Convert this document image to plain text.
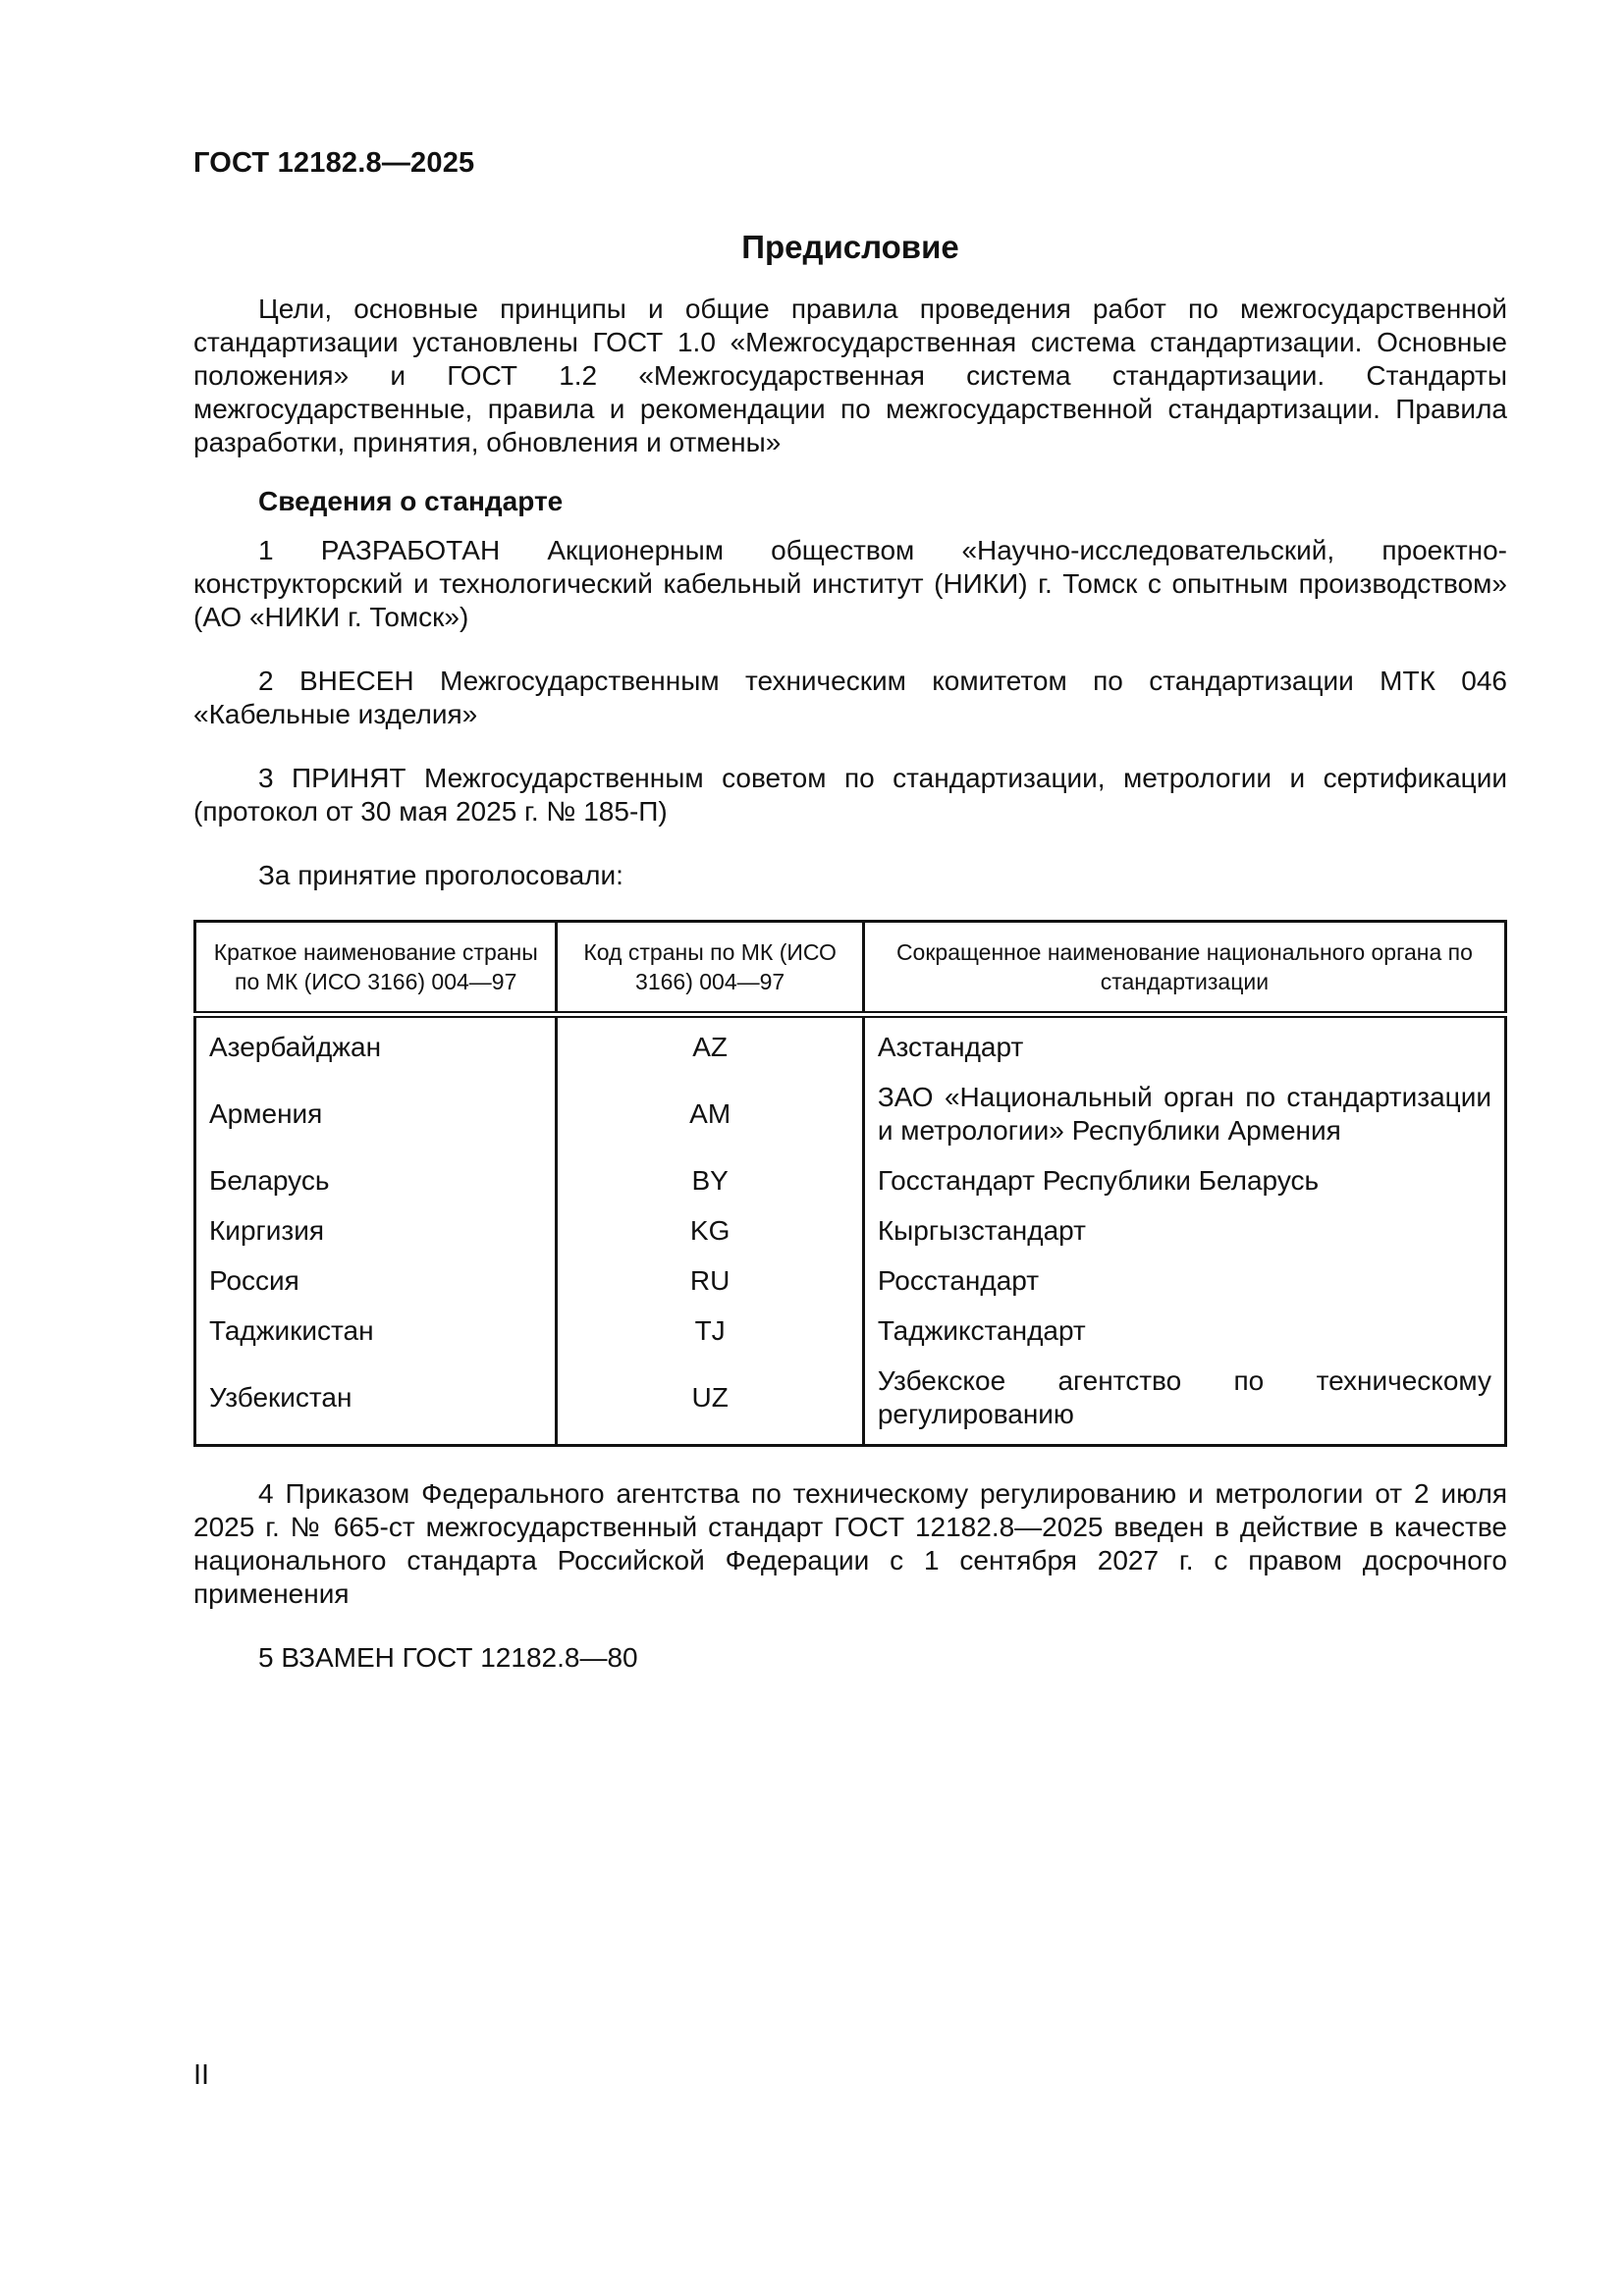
ГОСТ 12182.8—2025
Предисловие

Цели, основные принципы и общие правила проведения работ по межгосударственной стандартизации установлены ГОСТ 1.0 «Межгосударственная система стандартизации. Основные положения» и ГОСТ 1.2 «Межгосударственная система стандартизации. Стандарты межгосударственные, правила и рекомендации по межгосударственной стандартизации. Правила разработки, принятия, обновления и отмены»

Сведения о стандарте

1 РАЗРАБОТАН Акционерным обществом «Научно-исследовательский, проектно-конструкторский и технологический кабельный институт (НИКИ) г. Томск с опытным производством» (АО «НИКИ г. Томск»)

2 ВНЕСЕН Межгосударственным техническим комитетом по стандартизации МТК 046 «Кабельные изделия»

3 ПРИНЯТ Межгосударственным советом по стандартизации, метрологии и сертификации (протокол от 30 мая 2025 г. № 185-П)

За принятие проголосовали:

Краткое наименование страны по МК (ИСО 3166) 004—97	Код страны по МК (ИСО 3166) 004—97	Сокращенное наименование национального органа по стандартизации
Азербайджан	AZ	Азстандарт
Армения	AM	ЗАО «Национальный орган по стандартизации и метрологии» Республики Армения
Беларусь	BY	Госстандарт Республики Беларусь
Киргизия	KG	Кыргызстандарт
Россия	RU	Росстандарт
Таджикистан	TJ	Таджикстандарт
Узбекистан	UZ	Узбекское агентство по техническому регулированию

4 Приказом Федерального агентства по техническому регулированию и метрологии от 2 июля 2025 г. № 665-ст межгосударственный стандарт ГОСТ 12182.8—2025 введен в действие в качестве национального стандарта Российской Федерации с 1 сентября 2027 г. с правом досрочного применения

5 ВЗАМЕН ГОСТ 12182.8—80

II
